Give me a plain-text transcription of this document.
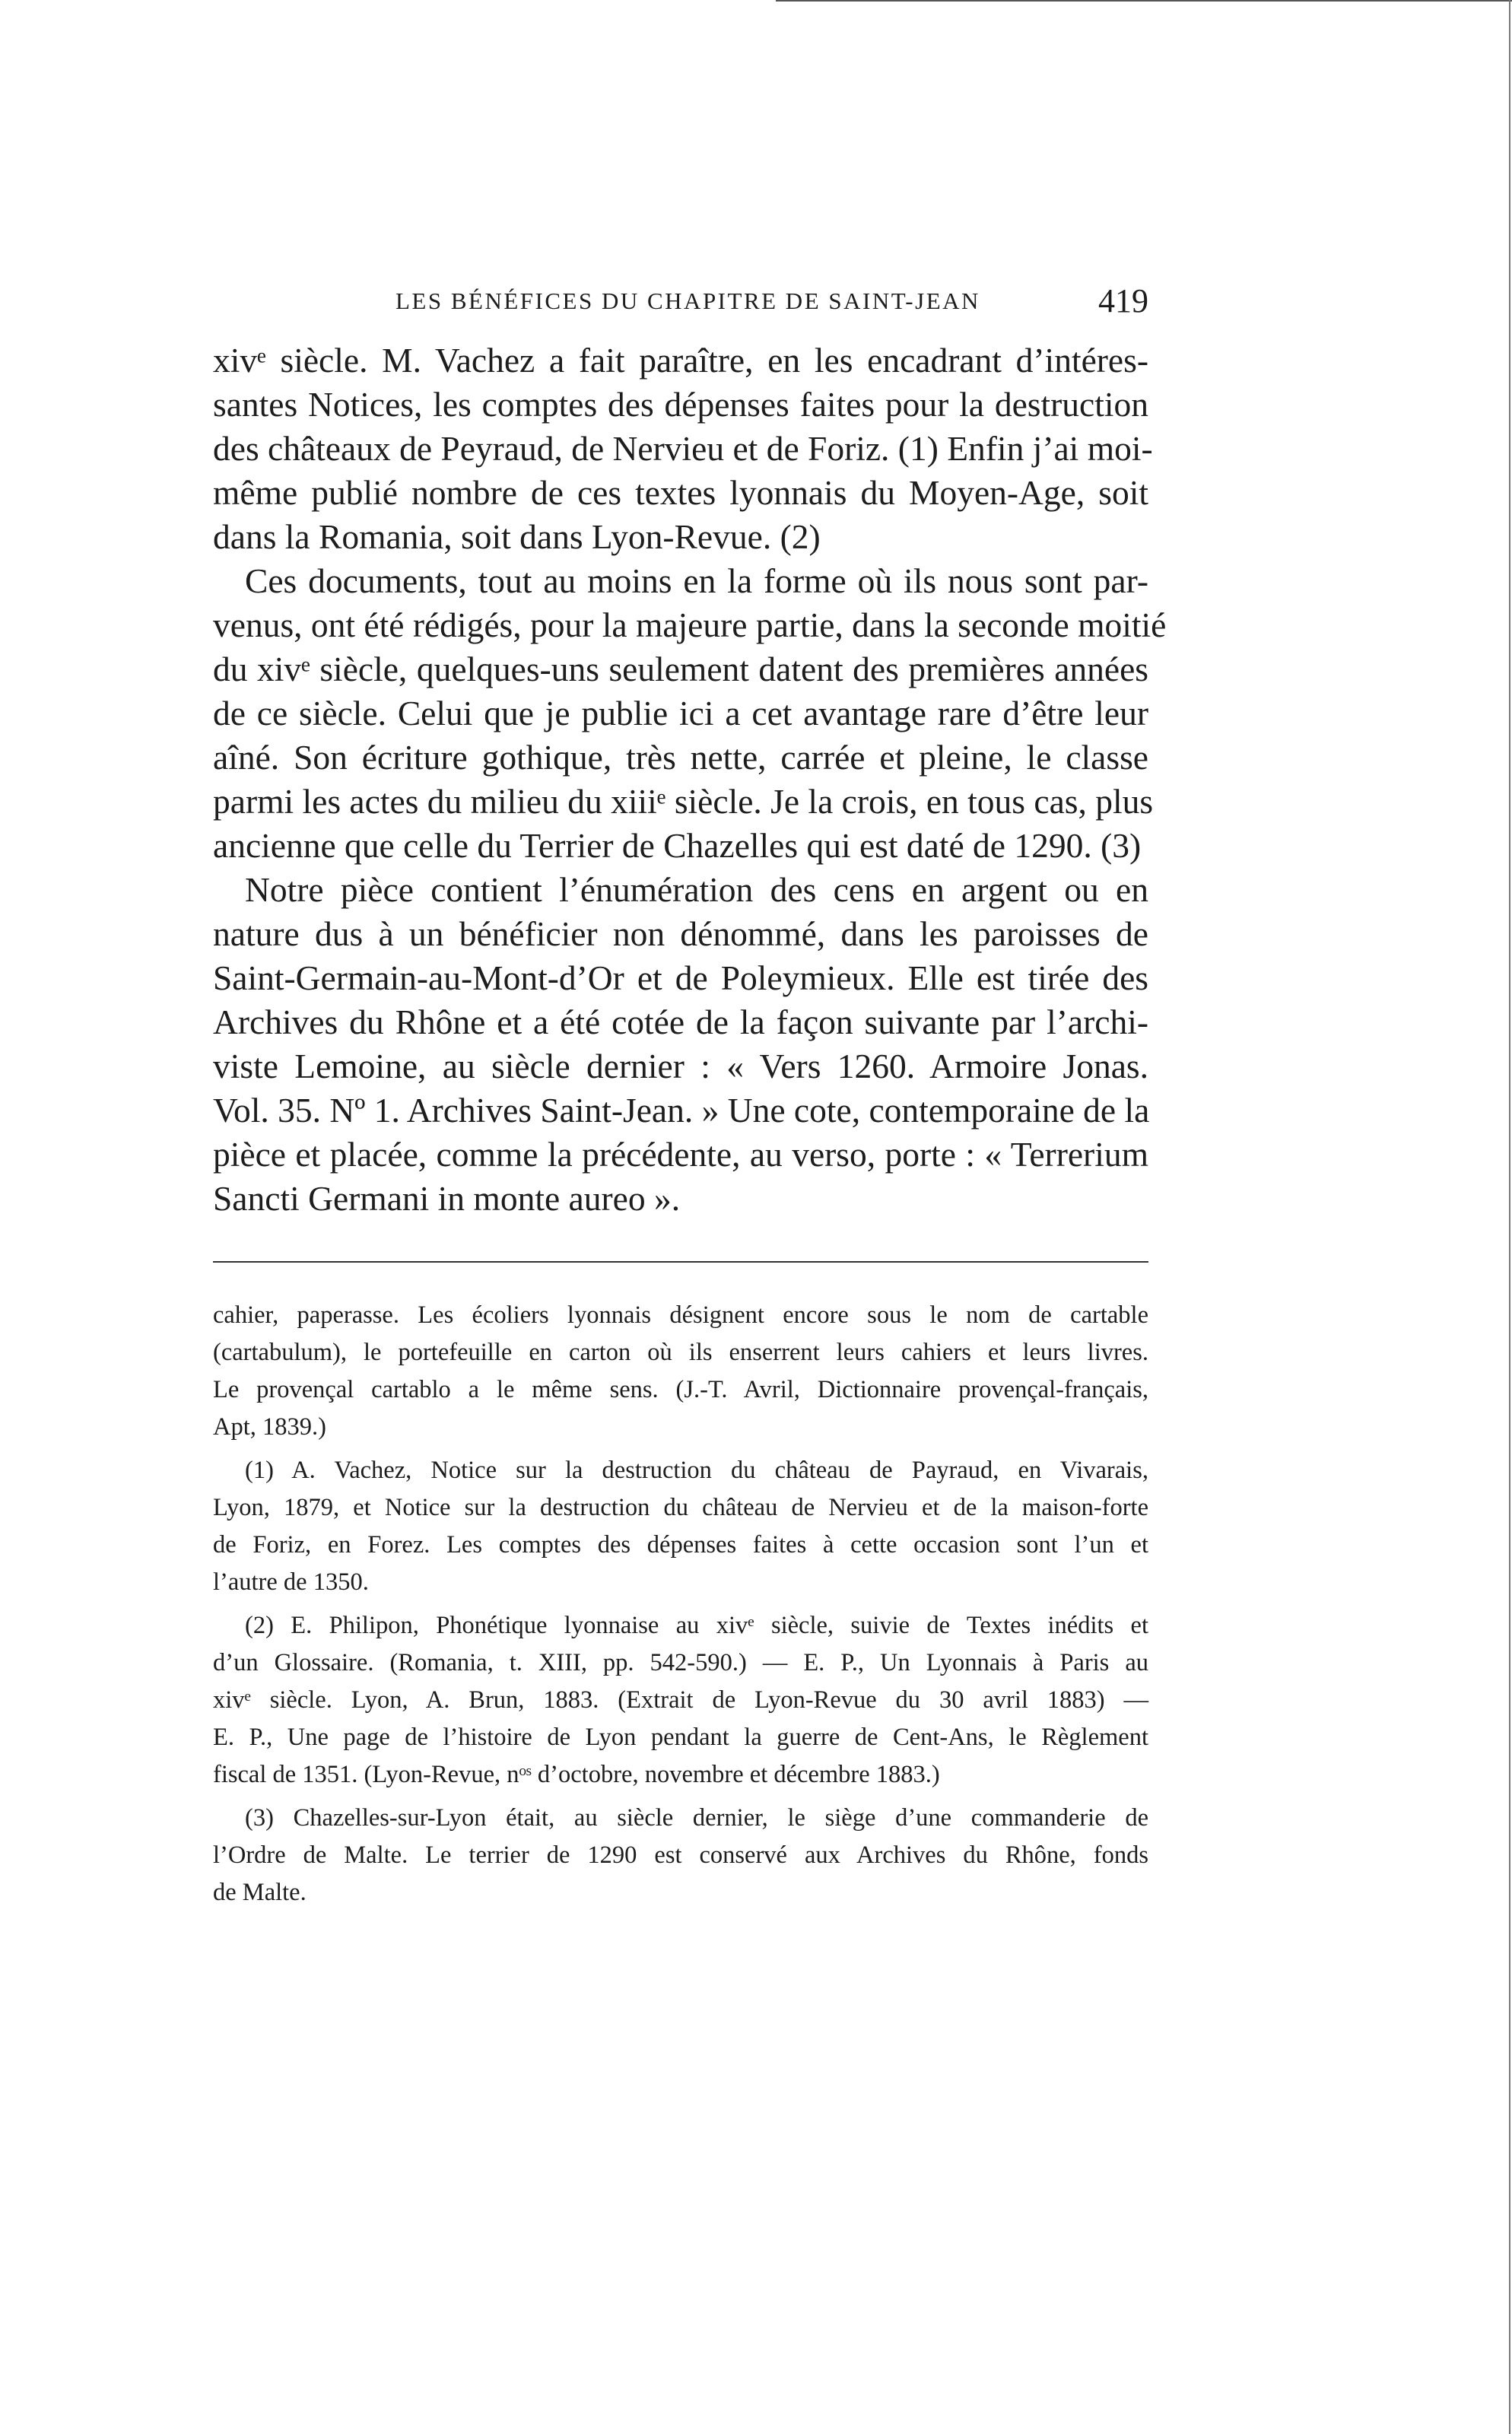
LES BÉNÉFICES DU CHAPITRE DE SAINT-JEAN	419

xivᵉ siècle. M. Vachez a fait paraître, en les encadrant d’intéres-
santes Notices, les comptes des dépenses faites pour la destruction
des châteaux de Peyraud, de Nervieu et de Foriz. (1) Enfin j’ai moi-
même publié nombre de ces textes lyonnais du Moyen-Age, soit
dans la Romania, soit dans Lyon-Revue. (2)

Ces documents, tout au moins en la forme où ils nous sont par-
venus, ont été rédigés, pour la majeure partie, dans la seconde moitié
du xivᵉ siècle, quelques-uns seulement datent des premières années
de ce siècle. Celui que je publie ici a cet avantage rare d’être leur
aîné. Son écriture gothique, très nette, carrée et pleine, le classe
parmi les actes du milieu du xiiiᵉ siècle. Je la crois, en tous cas, plus
ancienne que celle du Terrier de Chazelles qui est daté de 1290. (3)

Notre pièce contient l’énumération des cens en argent ou en
nature dus à un bénéficier non dénommé, dans les paroisses de
Saint-Germain-au-Mont-d’Or et de Poleymieux. Elle est tirée des
Archives du Rhône et a été cotée de la façon suivante par l’archi-
viste Lemoine, au siècle dernier : « Vers 1260. Armoire Jonas.
Vol. 35. Nº 1. Archives Saint-Jean. » Une cote, contemporaine de la
pièce et placée, comme la précédente, au verso, porte : « Terrerium
Sancti Germani in monte aureo ».

cahier, paperasse. Les écoliers lyonnais désignent encore sous le nom de cartable
(cartabulum), le portefeuille en carton où ils enserrent leurs cahiers et leurs livres.
Le provençal cartablo a le même sens. (J.-T. Avril, Dictionnaire provençal-français,
Apt, 1839.)

(1) A. Vachez, Notice sur la destruction du château de Payraud, en Vivarais,
Lyon, 1879, et Notice sur la destruction du château de Nervieu et de la maison-forte
de Foriz, en Forez. Les comptes des dépenses faites à cette occasion sont l’un et
l’autre de 1350.

(2) E. Philipon, Phonétique lyonnaise au xivᵉ siècle, suivie de Textes inédits et
d’un Glossaire. (Romania, t. XIII, pp. 542-590.) — E. P., Un Lyonnais à Paris au
xivᵉ siècle. Lyon, A. Brun, 1883. (Extrait de Lyon-Revue du 30 avril 1883) —
E. P., Une page de l’histoire de Lyon pendant la guerre de Cent-Ans, le Règlement
fiscal de 1351. (Lyon-Revue, nᵒˢ d’octobre, novembre et décembre 1883.)

(3) Chazelles-sur-Lyon était, au siècle dernier, le siège d’une commanderie de
l’Ordre de Malte. Le terrier de 1290 est conservé aux Archives du Rhône, fonds
de Malte.
